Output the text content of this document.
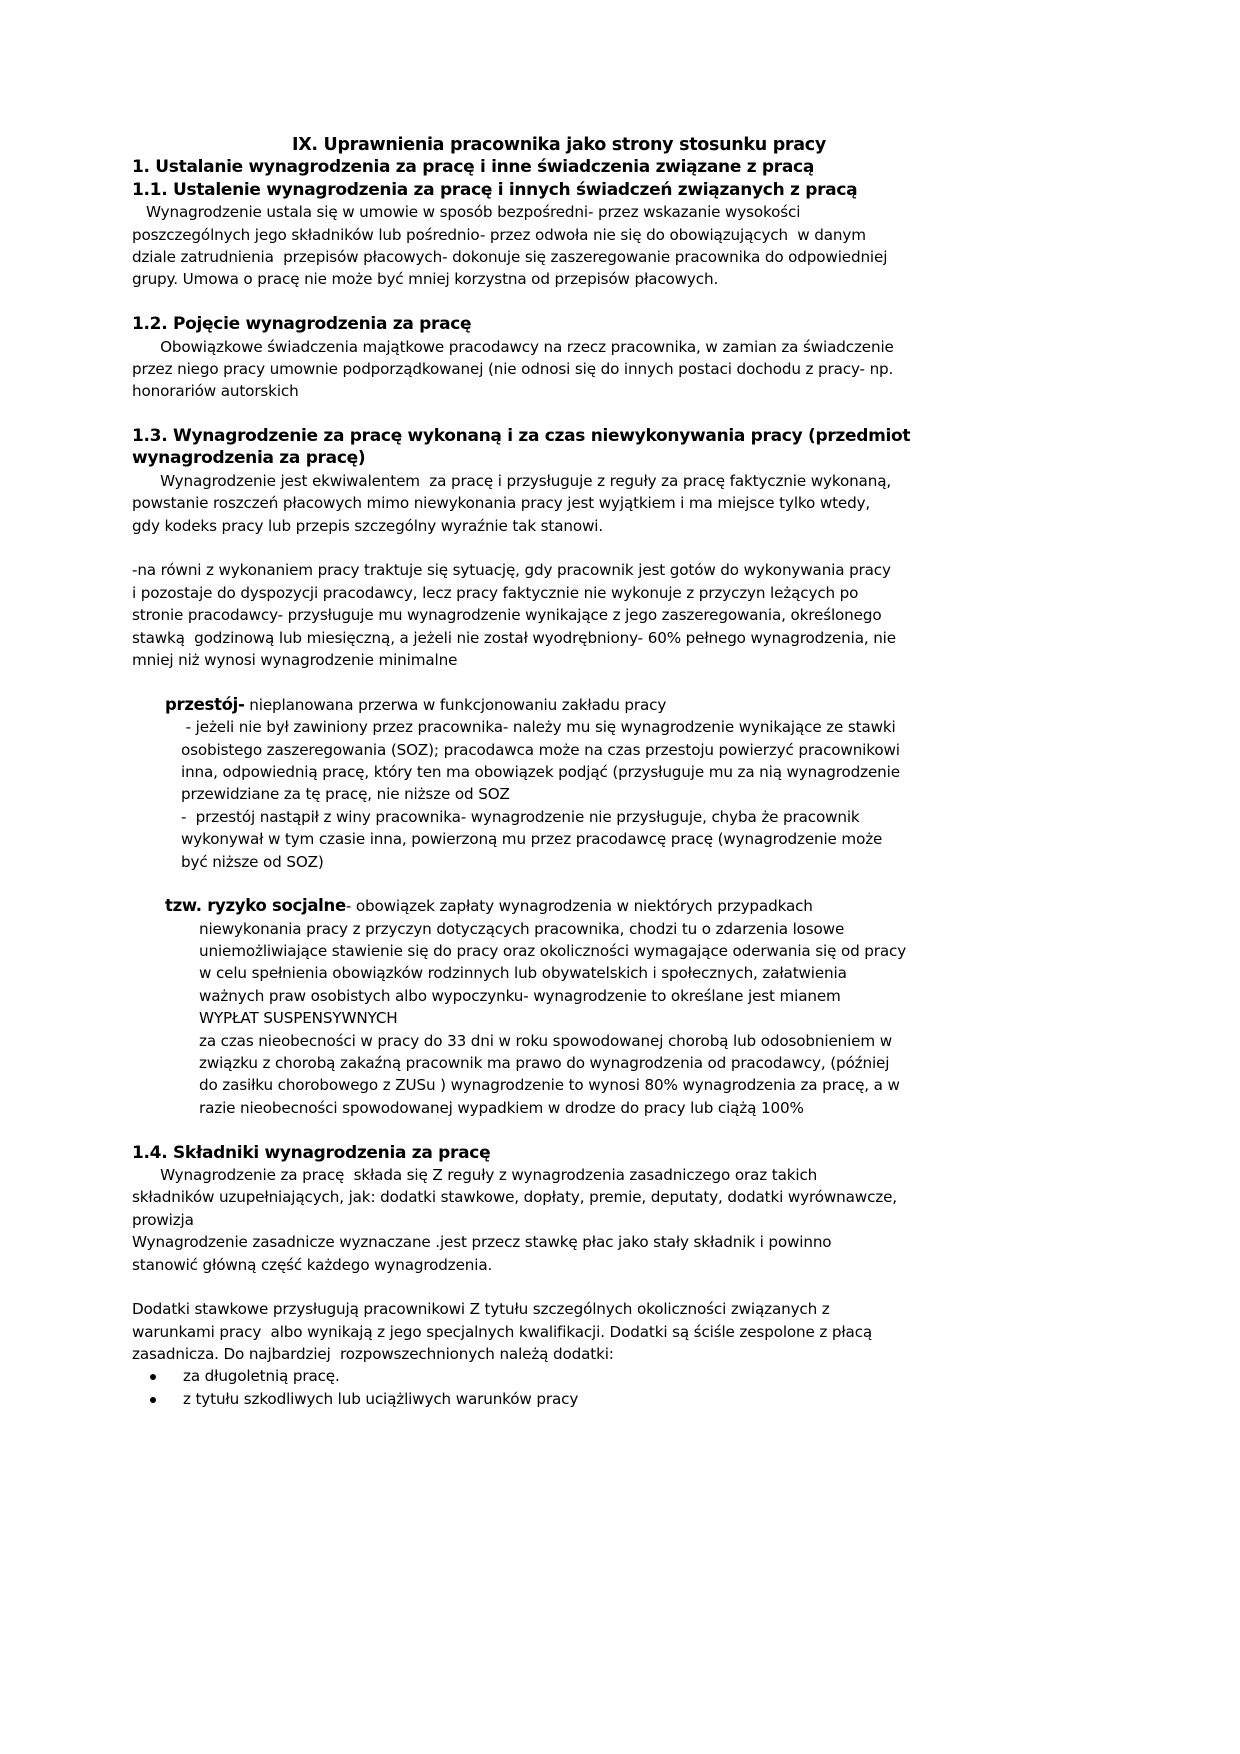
IX. Uprawnienia pracownika jako strony stosunku pracy
1. Ustalanie wynagrodzenia za pracę i inne świadczenia związane z pracą
1.1. Ustalenie wynagrodzenia za pracę i innych świadczeń związanych z pracą
Wynagrodzenie ustala się w umowie w sposób bezpośredni- przez wskazanie wysokości
poszczególnych jego składników lub pośrednio- przez odwoła nie się do obowiązujących  w danym
dziale zatrudnienia  przepisów płacowych- dokonuje się zaszeregowanie pracownika do odpowiedniej
grupy. Umowa o pracę nie może być mniej korzystna od przepisów płacowych.
1.2. Pojęcie wynagrodzenia za pracę
Obowiązkowe świadczenia majątkowe pracodawcy na rzecz pracownika, w zamian za świadczenie
przez niego pracy umownie podporządkowanej (nie odnosi się do innych postaci dochodu z pracy- np.
honorariów autorskich
1.3. Wynagrodzenie za pracę wykonaną i za czas niewykonywania pracy (przedmiot
wynagrodzenia za pracę)
Wynagrodzenie jest ekwiwalentem  za pracę i przysługuje z reguły za pracę faktycznie wykonaną,
powstanie roszczeń płacowych mimo niewykonania pracy jest wyjątkiem i ma miejsce tylko wtedy,
gdy kodeks pracy lub przepis szczególny wyraźnie tak stanowi.
-na równi z wykonaniem pracy traktuje się sytuację, gdy pracownik jest gotów do wykonywania pracy
i pozostaje do dyspozycji pracodawcy, lecz pracy faktycznie nie wykonuje z przyczyn leżących po
stronie pracodawcy- przysługuje mu wynagrodzenie wynikające z jego zaszeregowania, określonego
stawką  godzinową lub miesięczną, a jeżeli nie został wyodrębniony- 60% pełnego wynagrodzenia, nie
mniej niż wynosi wynagrodzenie minimalne
przestój- nieplanowana przerwa w funkcjonowaniu zakładu pracy
- jeżeli nie był zawiniony przez pracownika- należy mu się wynagrodzenie wynikające ze stawki
osobistego zaszeregowania (SOZ); pracodawca może na czas przestoju powierzyć pracownikowi
inna, odpowiednią pracę, który ten ma obowiązek podjąć (przysługuje mu za nią wynagrodzenie
przewidziane za tę pracę, nie niższe od SOZ
-  przestój nastąpił z winy pracownika- wynagrodzenie nie przysługuje, chyba że pracownik
wykonywał w tym czasie inna, powierzoną mu przez pracodawcę pracę (wynagrodzenie może
być niższe od SOZ)
tzw. ryzyko socjalne- obowiązek zapłaty wynagrodzenia w niektórych przypadkach
niewykonania pracy z przyczyn dotyczących pracownika, chodzi tu o zdarzenia losowe
uniemożliwiające stawienie się do pracy oraz okoliczności wymagające oderwania się od pracy
w celu spełnienia obowiązków rodzinnych lub obywatelskich i społecznych, załatwienia
ważnych praw osobistych albo wypoczynku- wynagrodzenie to określane jest mianem
WYPŁAT SUSPENSYWNYCH
za czas nieobecności w pracy do 33 dni w roku spowodowanej chorobą lub odosobnieniem w
związku z chorobą zakaźną pracownik ma prawo do wynagrodzenia od pracodawcy, (później
do zasiłku chorobowego z ZUSu ) wynagrodzenie to wynosi 80% wynagrodzenia za pracę, a w
razie nieobecności spowodowanej wypadkiem w drodze do pracy lub ciążą 100%
1.4. Składniki wynagrodzenia za pracę
Wynagrodzenie za pracę  składa się Z reguły z wynagrodzenia zasadniczego oraz takich
składników uzupełniających, jak: dodatki stawkowe, dopłaty, premie, deputaty, dodatki wyrównawcze,
prowizja
Wynagrodzenie zasadnicze wyznaczane .jest przecz stawkę płac jako stały składnik i powinno
stanowić główną część każdego wynagrodzenia.
Dodatki stawkowe przysługują pracownikowi Z tytułu szczególnych okoliczności związanych z
warunkami pracy  albo wynikają z jego specjalnych kwalifikacji. Dodatki są ściśle zespolone z płacą
zasadnicza. Do najbardziej  rozpowszechnionych należą dodatki:
za długoletnią pracę.
z tytułu szkodliwych lub uciążliwych warunków pracy
